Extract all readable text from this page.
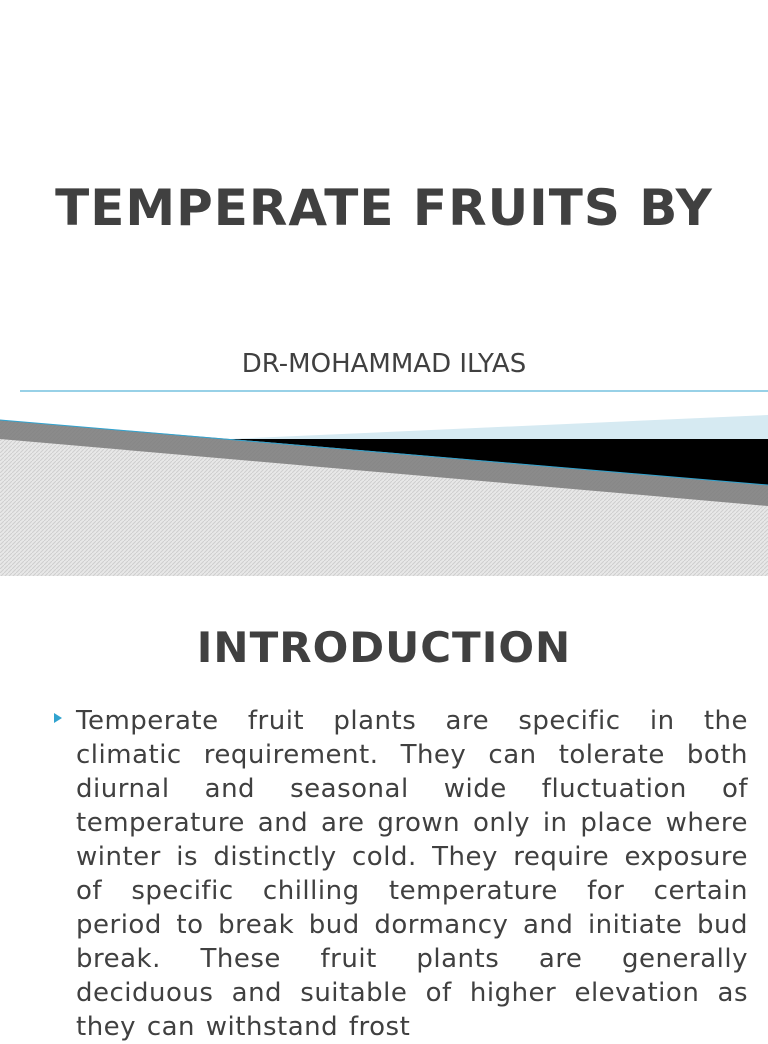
TEMPERATE FRUITS BY

DR-MOHAMMAD ILYAS

INTRODUCTION

Temperate fruit plants are specific in the climatic requirement. They can tolerate both diurnal and seasonal wide fluctuation of temperature and are grown only in place where winter is distinctly cold. They require exposure of specific chilling temperature for certain period to break bud dormancy and initiate bud break. These fruit plants are generally deciduous and suitable of higher elevation as they can withstand frost
